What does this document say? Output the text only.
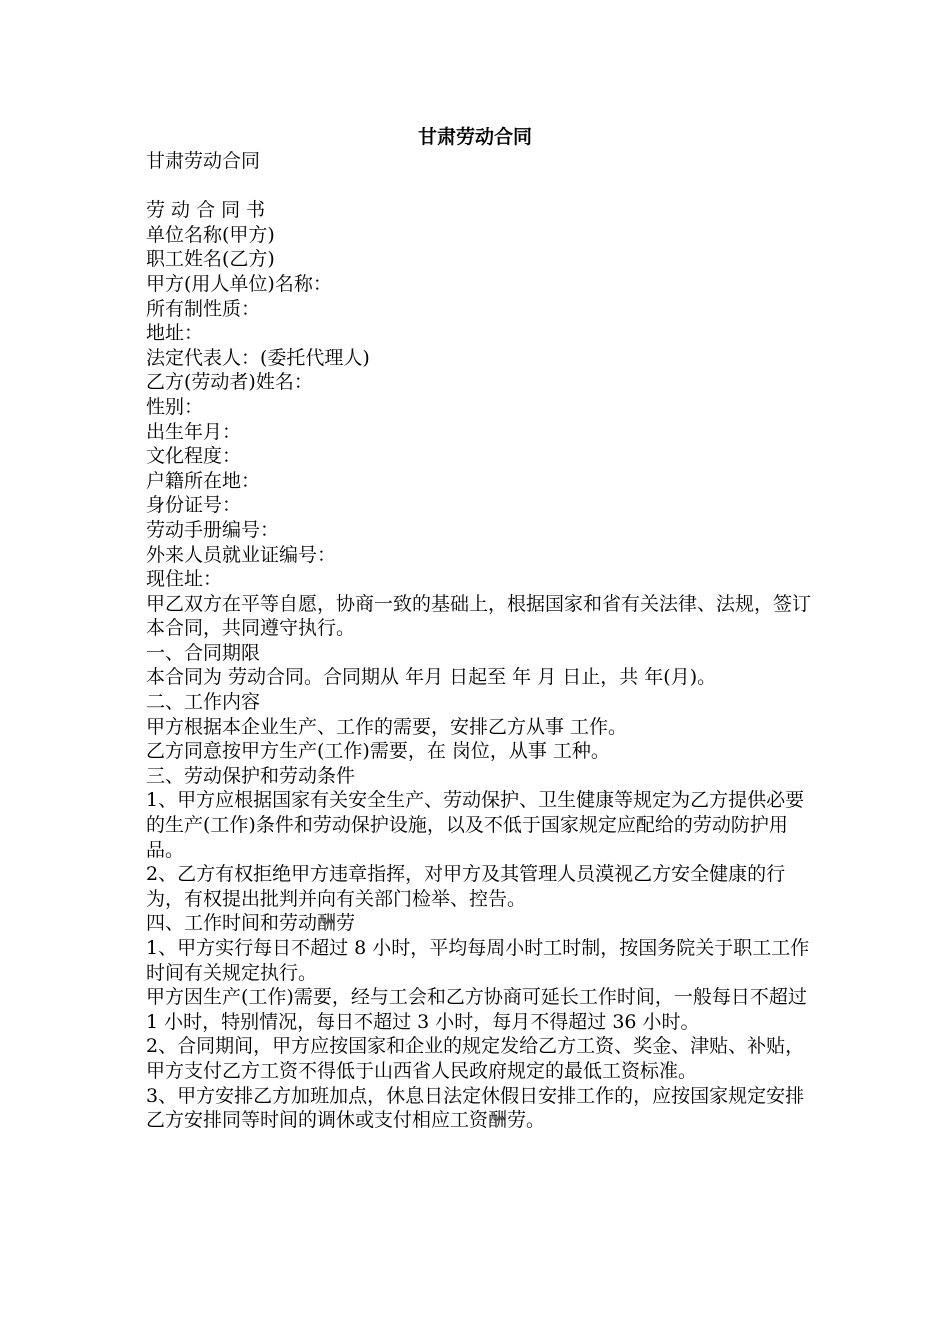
甘肃劳动合同

甘肃劳动合同

劳 动 合 同 书

单位名称(甲方)

职工姓名(乙方)

甲方(用人单位)名称：

所有制性质：

地址：

法定代表人：(委托代理人)

乙方(劳动者)姓名：

性别：

出生年月：

文化程度：

户籍所在地：

身份证号：

劳动手册编号：

外来人员就业证编号：

现住址：

甲乙双方在平等自愿，协商一致的基础上，根据国家和省有关法律、法规，签订本合同，共同遵守执行。

一、合同期限

本合同为 劳动合同。合同期从 年月 日起至 年 月 日止，共 年(月)。

二、工作内容

甲方根据本企业生产、工作的需要，安排乙方从事 工作。

乙方同意按甲方生产(工作)需要，在 岗位，从事 工种。

三、劳动保护和劳动条件

1、甲方应根据国家有关安全生产、劳动保护、卫生健康等规定为乙方提供必要的生产(工作)条件和劳动保护设施，以及不低于国家规定应配给的劳动防护用品。

2、乙方有权拒绝甲方违章指挥，对甲方及其管理人员漠视乙方安全健康的行为，有权提出批判并向有关部门检举、控告。

四、工作时间和劳动酬劳

1、甲方实行每日不超过 8 小时，平均每周小时工时制，按国务院关于职工工作时间有关规定执行。

甲方因生产(工作)需要，经与工会和乙方协商可延长工作时间，一般每日不超过 1 小时，特别情况，每日不超过 3 小时，每月不得超过 36 小时。

2、合同期间，甲方应按国家和企业的规定发给乙方工资、奖金、津贴、补贴，甲方支付乙方工资不得低于山西省人民政府规定的最低工资标准。

3、甲方安排乙方加班加点，休息日法定休假日安排工作的，应按国家规定安排乙方安排同等时间的调休或支付相应工资酬劳。
